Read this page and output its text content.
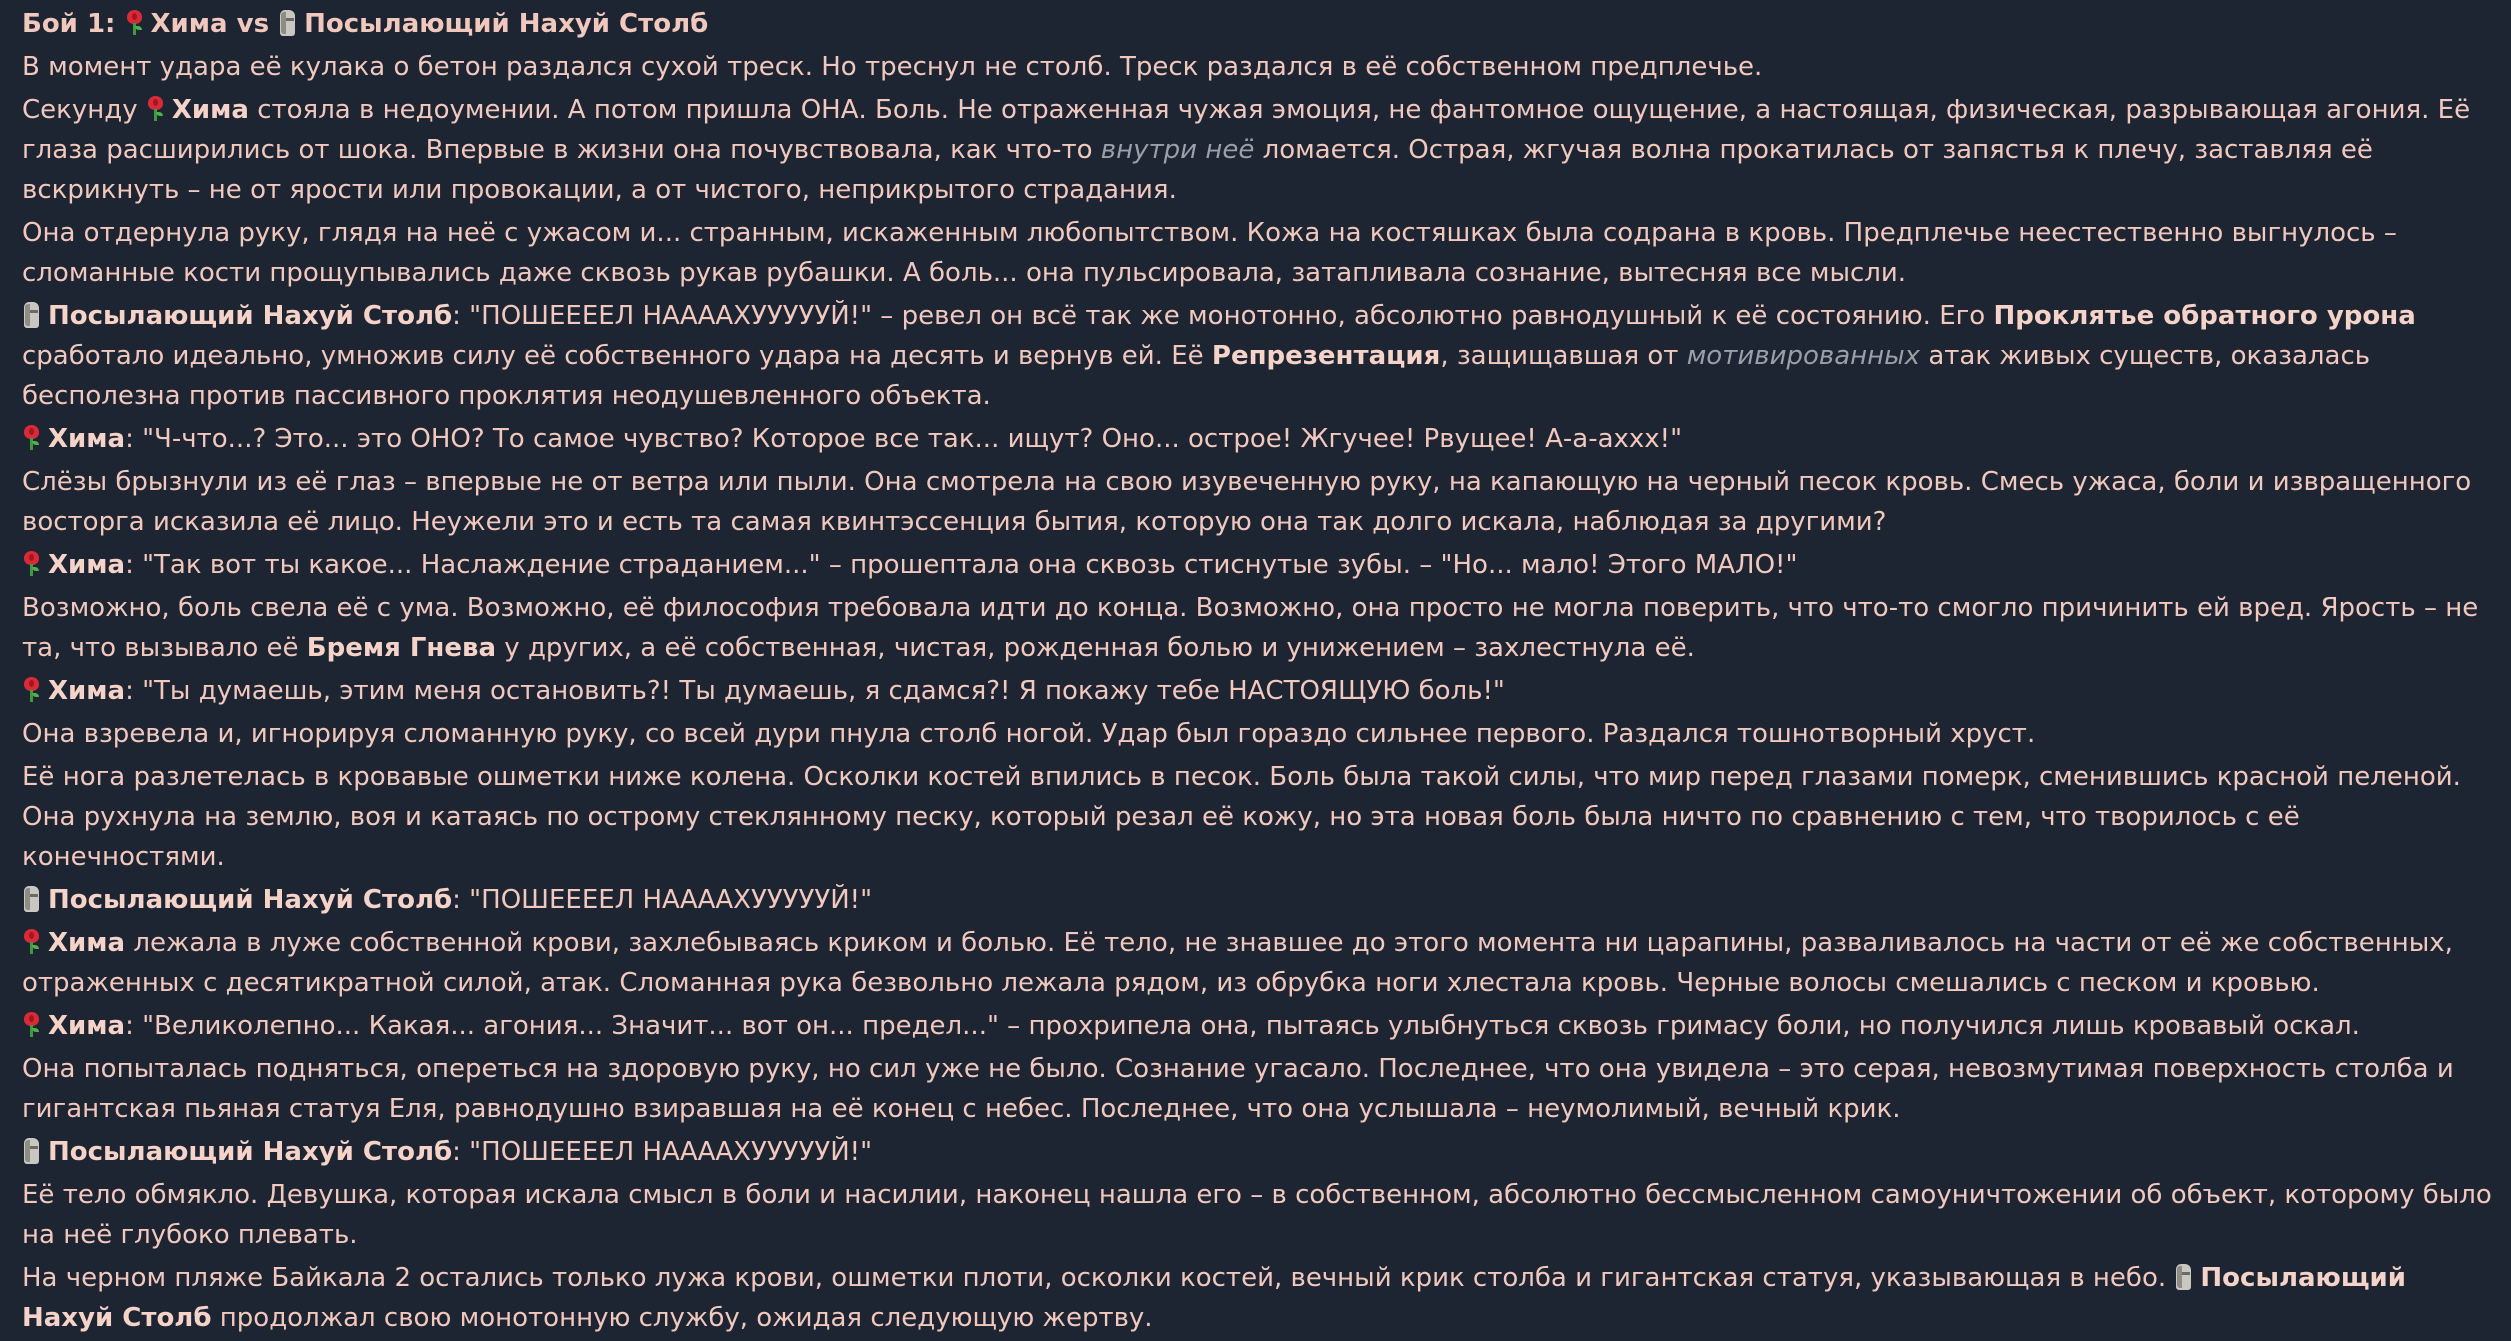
Бой 1: Хима vs Посылающий Нахуй Столб

В момент удара её кулака о бетон раздался сухой треск. Но треснул не столб. Треск раздался в её собственном предплечье.

Секунду Хима стояла в недоумении. А потом пришла ОНА. Боль. Не отраженная чужая эмоция, не фантомное ощущение, а настоящая, физическая, разрывающая агония. Её глаза расширились от шока. Впервые в жизни она почувствовала, как что-то внутри неё ломается. Острая, жгучая волна прокатилась от запястья к плечу, заставляя её вскрикнуть – не от ярости или провокации, а от чистого, неприкрытого страдания.

Она отдернула руку, глядя на неё с ужасом и... странным, искаженным любопытством. Кожа на костяшках была содрана в кровь. Предплечье неестественно выгнулось – сломанные кости прощупывались даже сквозь рукав рубашки. А боль... она пульсировала, затапливала сознание, вытесняя все мысли.

Посылающий Нахуй Столб: "ПОШЕЕЕЕЛ НААААХУУУУУЙ!" – ревел он всё так же монотонно, абсолютно равнодушный к её состоянию. Его Проклятье обратного урона сработало идеально, умножив силу её собственного удара на десять и вернув ей. Её Репрезентация, защищавшая от мотивированных атак живых существ, оказалась бесполезна против пассивного проклятия неодушевленного объекта.

Хима: "Ч-что...? Это... это ОНО? То самое чувство? Которое все так... ищут? Оно... острое! Жгучее! Рвущее! А-а-аххх!"

Слёзы брызнули из её глаз – впервые не от ветра или пыли. Она смотрела на свою изувеченную руку, на капающую на черный песок кровь. Смесь ужаса, боли и извращенного восторга исказила её лицо. Неужели это и есть та самая квинтэссенция бытия, которую она так долго искала, наблюдая за другими?

Хима: "Так вот ты какое... Наслаждение страданием..." – прошептала она сквозь стиснутые зубы. – "Но... мало! Этого МАЛО!"

Возможно, боль свела её с ума. Возможно, её философия требовала идти до конца. Возможно, она просто не могла поверить, что что-то смогло причинить ей вред. Ярость – не та, что вызывало её Бремя Гнева у других, а её собственная, чистая, рожденная болью и унижением – захлестнула её.

Хима: "Ты думаешь, этим меня остановить?! Ты думаешь, я сдамся?! Я покажу тебе НАСТОЯЩУЮ боль!"

Она взревела и, игнорируя сломанную руку, со всей дури пнула столб ногой. Удар был гораздо сильнее первого. Раздался тошнотворный хруст.

Её нога разлетелась в кровавые ошметки ниже колена. Осколки костей впились в песок. Боль была такой силы, что мир перед глазами померк, сменившись красной пеленой. Она рухнула на землю, воя и катаясь по острому стеклянному песку, который резал её кожу, но эта новая боль была ничто по сравнению с тем, что творилось с её конечностями.

Посылающий Нахуй Столб: "ПОШЕЕЕЕЛ НААААХУУУУУЙ!"

Хима лежала в луже собственной крови, захлебываясь криком и болью. Её тело, не знавшее до этого момента ни царапины, разваливалось на части от её же собственных, отраженных с десятикратной силой, атак. Сломанная рука безвольно лежала рядом, из обрубка ноги хлестала кровь. Черные волосы смешались с песком и кровью.

Хима: "Великолепно... Какая... агония... Значит... вот он... предел..." – прохрипела она, пытаясь улыбнуться сквозь гримасу боли, но получился лишь кровавый оскал.

Она попыталась подняться, опереться на здоровую руку, но сил уже не было. Сознание угасало. Последнее, что она увидела – это серая, невозмутимая поверхность столба и гигантская пьяная статуя Еля, равнодушно взиравшая на её конец с небес. Последнее, что она услышала – неумолимый, вечный крик.

Посылающий Нахуй Столб: "ПОШЕЕЕЕЛ НААААХУУУУУЙ!"

Её тело обмякло. Девушка, которая искала смысл в боли и насилии, наконец нашла его – в собственном, абсолютно бессмысленном самоуничтожении об объект, которому было на неё глубоко плевать.

На черном пляже Байкала 2 остались только лужа крови, ошметки плоти, осколки костей, вечный крик столба и гигантская статуя, указывающая в небо. Посылающий Нахуй Столб продолжал свою монотонную службу, ожидая следующую жертву.
